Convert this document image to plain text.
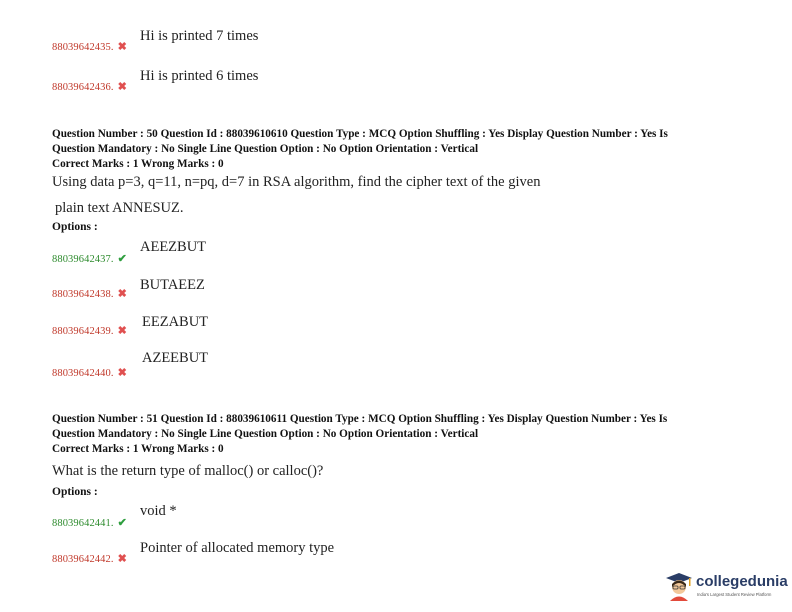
88039642435. ✖
Hi is printed 7 times
88039642436. ✖
Hi is printed 6 times
Question Number : 50 Question Id : 88039610610 Question Type : MCQ Option Shuffling : Yes Display Question Number : Yes Is
Question Mandatory : No Single Line Question Option : No Option Orientation : Vertical
Correct Marks : 1 Wrong Marks : 0
Using data p=3, q=11, n=pq, d=7 in RSA algorithm, find the cipher text of the given
plain text ANNESUZ.
Options :
88039642437. ✔
AEEZBUT
88039642438. ✖
BUTAEEZ
88039642439. ✖
EEZABUT
88039642440. ✖
AZEEBUT
Question Number : 51 Question Id : 88039610611 Question Type : MCQ Option Shuffling : Yes Display Question Number : Yes Is
Question Mandatory : No Single Line Question Option : No Option Orientation : Vertical
Correct Marks : 1 Wrong Marks : 0
What is the return type of malloc() or calloc()?
Options :
88039642441. ✔
void *
88039642442. ✖
Pointer of allocated memory type
collegedunia
India's Largest Student Review Platform
